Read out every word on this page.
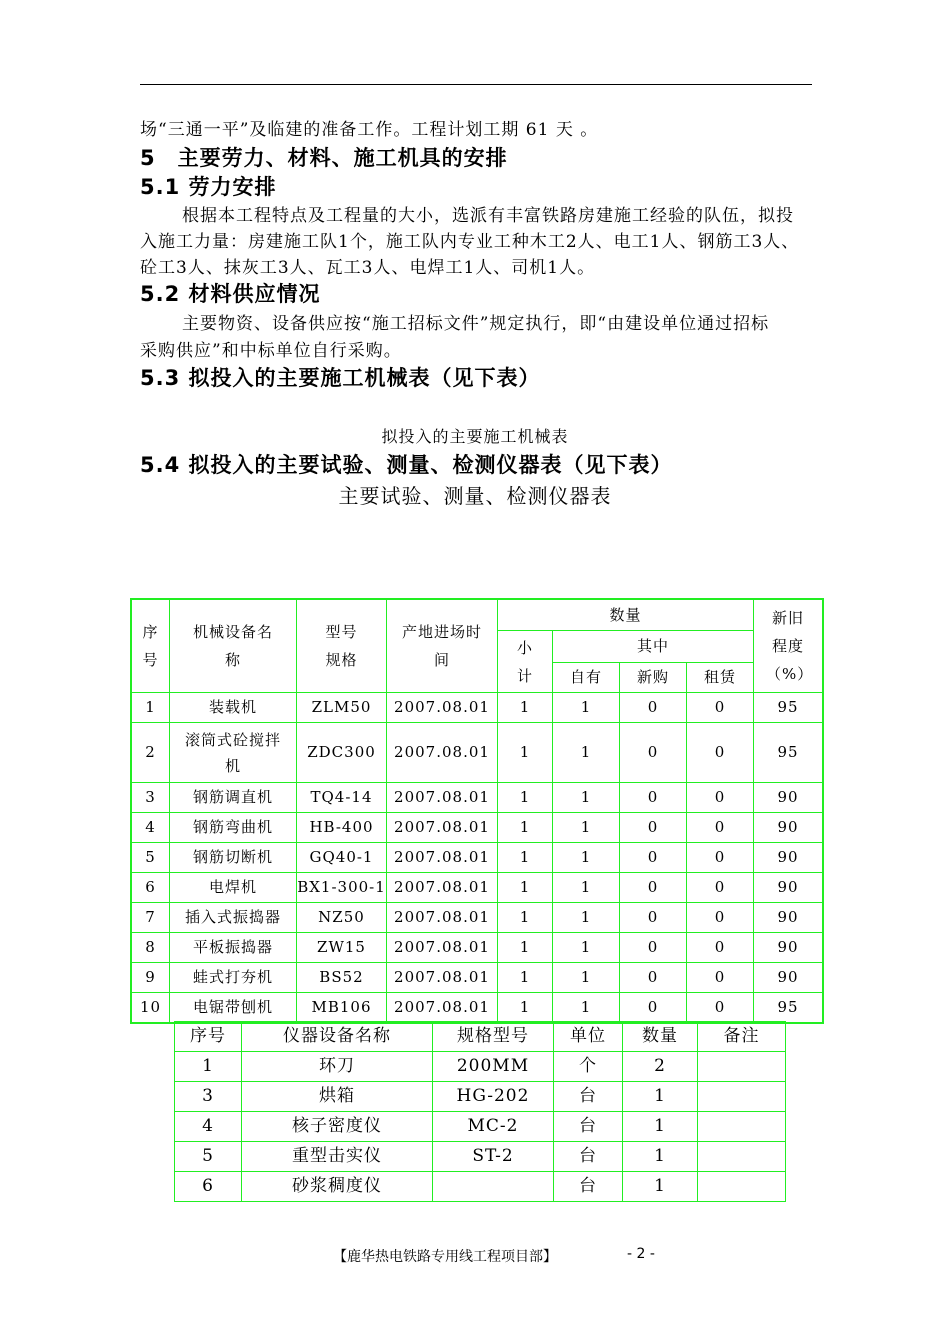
场“三通一平”及临建的准备工作。工程计划工期 61 天 。
5　主要劳力、材料、施工机具的安排
5.1 劳力安排
根据本工程特点及工程量的大小，选派有丰富铁路房建施工经验的队伍，拟投
入施工力量：房建施工队1个，施工队内专业工种木工2人、电工1人、钢筋工3人、
砼工3人、抹灰工3人、瓦工3人、电焊工1人、司机1人。
5.2 材料供应情况
主要物资、设备供应按“施工招标文件”规定执行，即“由建设单位通过招标
采购供应”和中标单位自行采购。
5.3 拟投入的主要施工机械表（见下表）
拟投入的主要施工机械表
5.4 拟投入的主要试验、测量、检测仪器表（见下表）
主要试验、测量、检测仪器表
序号	机械设备名称	型号规格	产地进场时间	数量				新旧程度（%）

				小计	其中			
					自有	新购	租赁	
1	装载机	ZLM50	2007.08.01	1	1	0	0	95
2	滚筒式砼搅拌机	ZDC300	2007.08.01	1	1	0	0	95
3	钢筋调直机	TQ4-14	2007.08.01	1	1	0	0	90
4	钢筋弯曲机	HB-400	2007.08.01	1	1	0	0	90
5	钢筋切断机	GQ40-1	2007.08.01	1	1	0	0	90
6	电焊机	BX1-300-1	2007.08.01	1	1	0	0	90
7	插入式振捣器	NZ50	2007.08.01	1	1	0	0	90
8	平板振捣器	ZW15	2007.08.01	1	1	0	0	90
9	蛙式打夯机	BS52	2007.08.01	1	1	0	0	90
10	电锯带刨机	MB106	2007.08.01	1	1	0	0	95
序号	仪器设备名称	规格型号	单位	数量	备注
1	环刀	200MM	个	2	
3	烘箱	HG-202	台	1	
4	核子密度仪	MC-2	台	1	
5	重型击实仪	ST-2	台	1	
6	砂浆稠度仪		台	1	
【鹿华热电铁路专用线工程项目部】	- 2 -
